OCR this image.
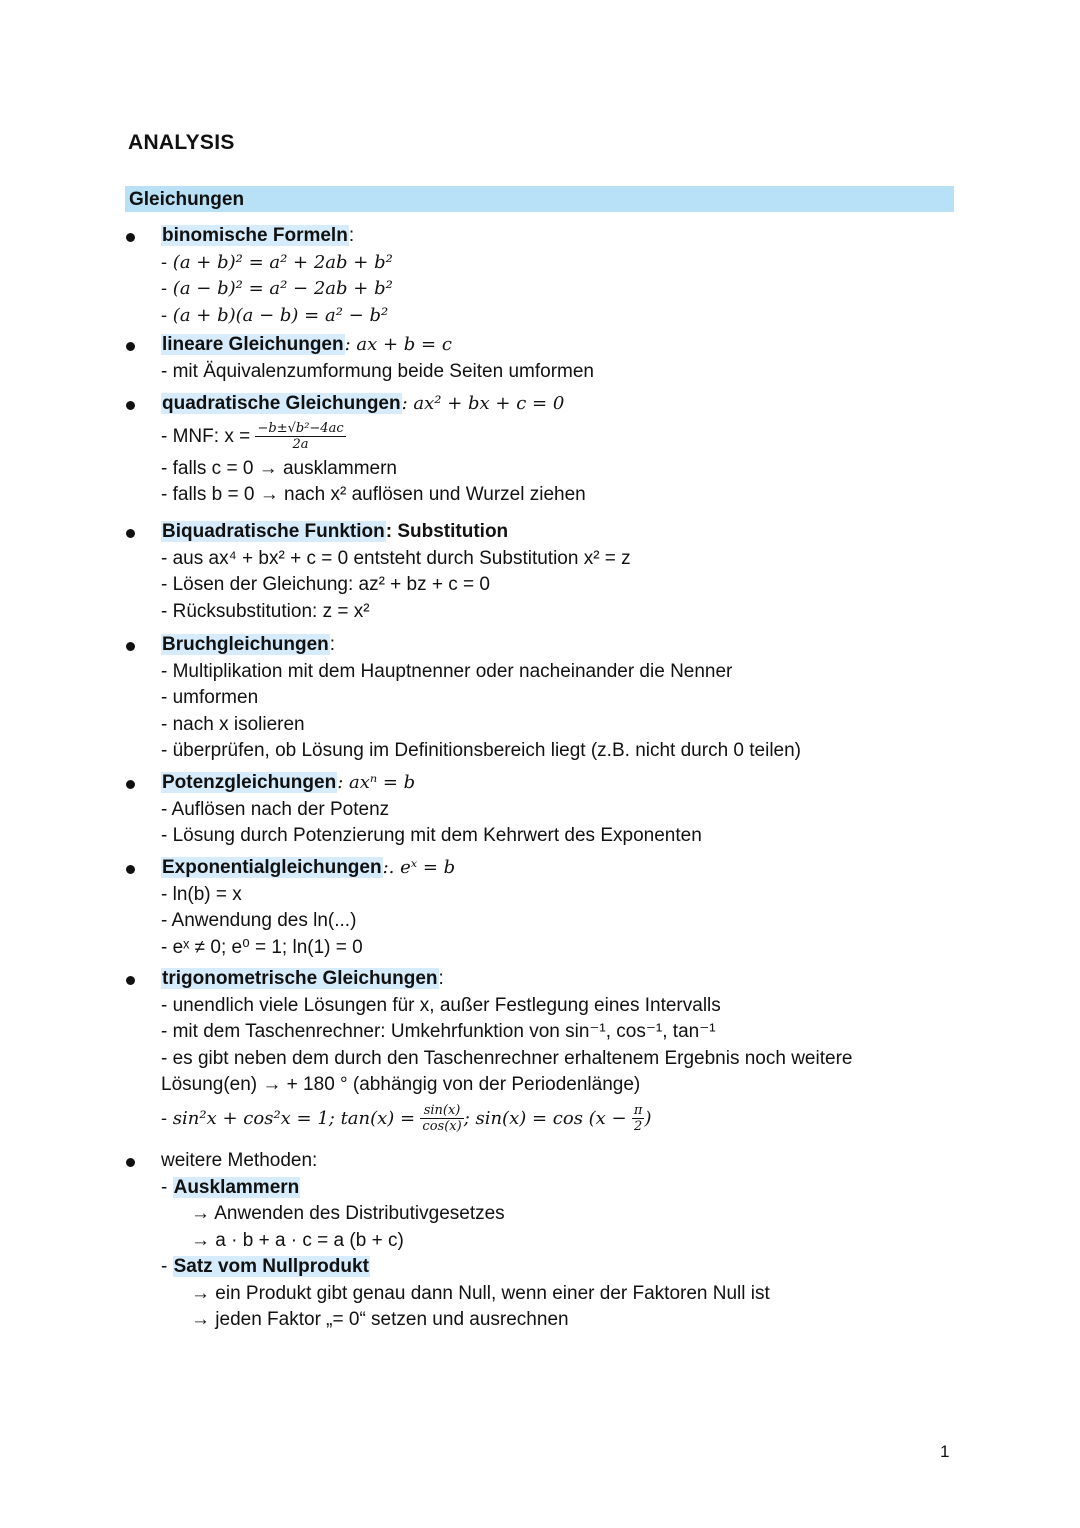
ANALYSIS
Gleichungen
binomische Formeln:
- (a + b)² = a² + 2ab + b²
- (a − b)² = a² − 2ab + b²
- (a + b)(a − b) = a² − b²
lineare Gleichungen: ax + b = c
- mit Äquivalenzumformung beide Seiten umformen
quadratische Gleichungen: ax² + bx + c = 0
- MNF: $x = \frac{\text{−b±√b²−4ac}}{2a}$
- falls c = 0 → ausklammern
- falls b = 0 → nach x² auflösen und Wurzel ziehen
Biquadratische Funktion: Substitution
- aus ax⁴ + bx² + c = 0 entsteht durch Substitution x² = z
- Lösen der Gleichung: az² + bz + c = 0
- Rücksubstitution: z = x²
Bruchgleichungen:
- Multiplikation mit dem Hauptnenner oder nacheinander die Nenner
- umformen
- nach x isolieren
- überprüfen, ob Lösung im Definitionsbereich liegt (z.B. nicht durch 0 teilen)
Potenzgleichungen: axⁿ = b
- Auflösen nach der Potenz
- Lösung durch Potenzierung mit dem Kehrwert des Exponenten
Exponentialgleichungen:. eˣ = b
- ln(b) = x
- Anwendung des ln(...)
- eˣ ≠ 0; e⁰ = 1; ln(1) = 0
trigonometrische Gleichungen:
- unendlich viele Lösungen für x, außer Festlegung eines Intervalls
- mit dem Taschenrechner: Umkehrfunktion von sin⁻¹, cos⁻¹, tan⁻¹
- es gibt neben dem durch den Taschenrechner erhaltenem Ergebnis noch weitere
Lösung(en) → + 180 ° (abhängig von der Periodenlänge)
- sin²x + cos²x = 1; $\tan(x) = \frac{\sin(x)}{\cos(x)}$ ; $\sin(x) = \cos (x - \frac{\pi}{2}$ )
weitere Methoden:
- Ausklammern
→ Anwenden des Distributivgesetzes
→ a · b + a · c = a (b + c)
- Satz vom Nullprodukt
→ ein Produkt gibt genau dann Null, wenn einer der Faktoren Null ist
→ jeden Faktor „= 0“ setzen und ausrechnen
1
